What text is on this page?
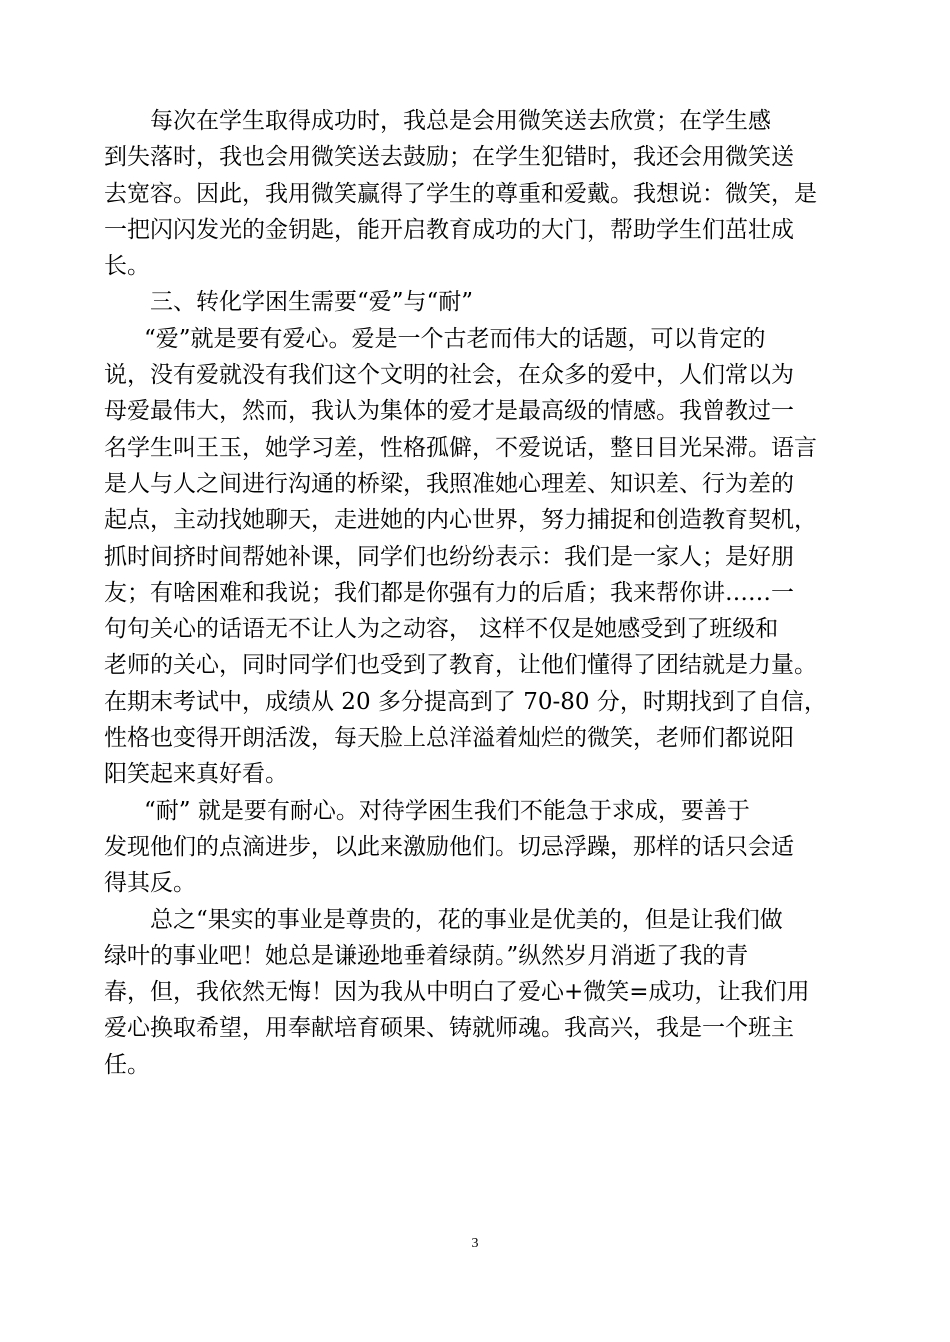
每次在学生取得成功时，我总是会用微笑送去欣赏；在学生感
到失落时，我也会用微笑送去鼓励；在学生犯错时，我还会用微笑送
去宽容。因此，我用微笑赢得了学生的尊重和爱戴。我想说：微笑，是
一把闪闪发光的金钥匙，能开启教育成功的大门，帮助学生们茁壮成
长。
三、转化学困生需要“爱”与“耐”
“爱”就是要有爱心。爱是一个古老而伟大的话题，可以肯定的
说，没有爱就没有我们这个文明的社会，在众多的爱中，人们常以为
母爱最伟大，然而，我认为集体的爱才是最高级的情感。我曾教过一
名学生叫王玉，她学习差，性格孤僻，不爱说话，整日目光呆滞。语言
是人与人之间进行沟通的桥梁，我照准她心理差、知识差、行为差的
起点，主动找她聊天，走进她的内心世界，努力捕捉和创造教育契机，
抓时间挤时间帮她补课，同学们也纷纷表示：我们是一家人；是好朋
友；有啥困难和我说；我们都是你强有力的后盾；我来帮你讲……一
句句关心的话语无不让人为之动容， 这样不仅是她感受到了班级和
老师的关心，同时同学们也受到了教育，让他们懂得了团结就是力量。
在期末考试中，成绩从 20 多分提高到了 70-80 分，时期找到了自信，
性格也变得开朗活泼，每天脸上总洋溢着灿烂的微笑，老师们都说阳
阳笑起来真好看。
“耐” 就是要有耐心。对待学困生我们不能急于求成，要善于
发现他们的点滴进步，以此来激励他们。切忌浮躁，那样的话只会适
得其反。
总之“果实的事业是尊贵的，花的事业是优美的，但是让我们做
绿叶的事业吧！她总是谦逊地垂着绿荫。”纵然岁月消逝了我的青
春，但，我依然无悔！因为我从中明白了爱心+微笑=成功，让我们用
爱心换取希望，用奉献培育硕果、铸就师魂。我高兴，我是一个班主
任。
3
